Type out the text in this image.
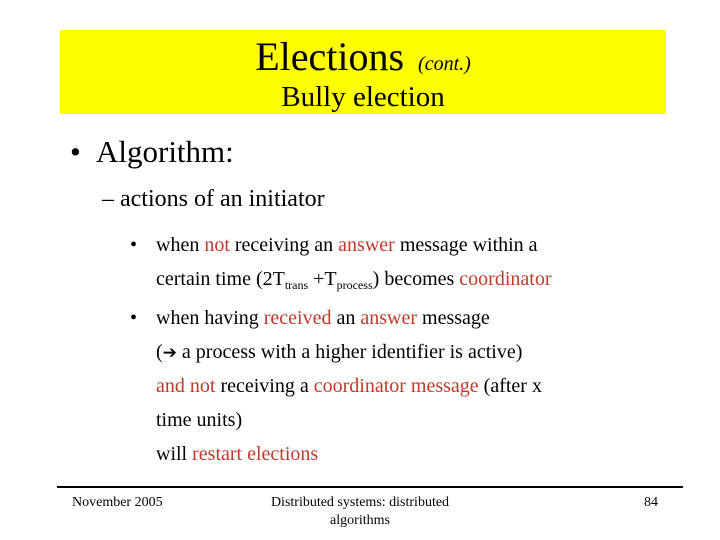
Elections (cont.)
Bully election
• Algorithm:
– actions of an initiator
• when not receiving an answer message within a
certain time $(2T_{trans} +T_{process})$ becomes coordinator
• when having received an answer message
(➔ a process with a higher identifier is active)
and not receiving a coordinator message (after x
time units)
will restart elections
November 2005	Distributed systems: distributed algorithms
84
